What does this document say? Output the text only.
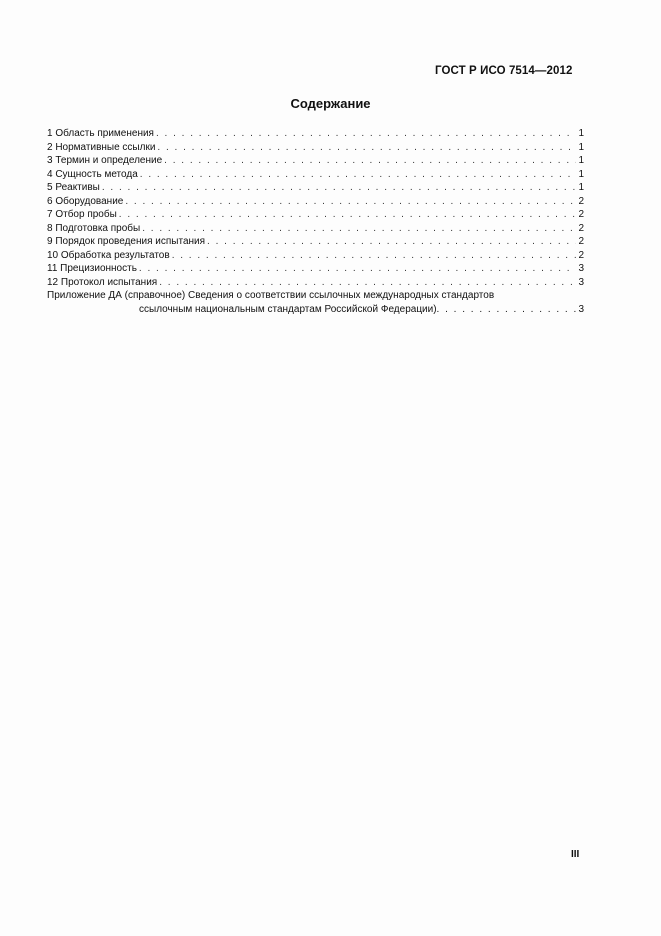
ГОСТ Р ИСО 7514—2012
Содержание
1 Область применения . . .	1
2 Нормативные ссылки . . .	1
3 Термин и определение . . .	1
4 Сущность метода . . .	1
5 Реактивы . . .	1
6 Оборудование . . .	2
7 Отбор пробы . . .	2
8 Подготовка пробы . . .	2
9 Порядок проведения испытания . . .	2
10 Обработка результатов . . .	2
11 Прецизионность . . .	3
12 Протокол испытания . . .	3
Приложение ДА (справочное) Сведения о соответствии ссылочных международных стандартов
ссылочным национальным стандартам Российской Федерации) . . .	3
III
